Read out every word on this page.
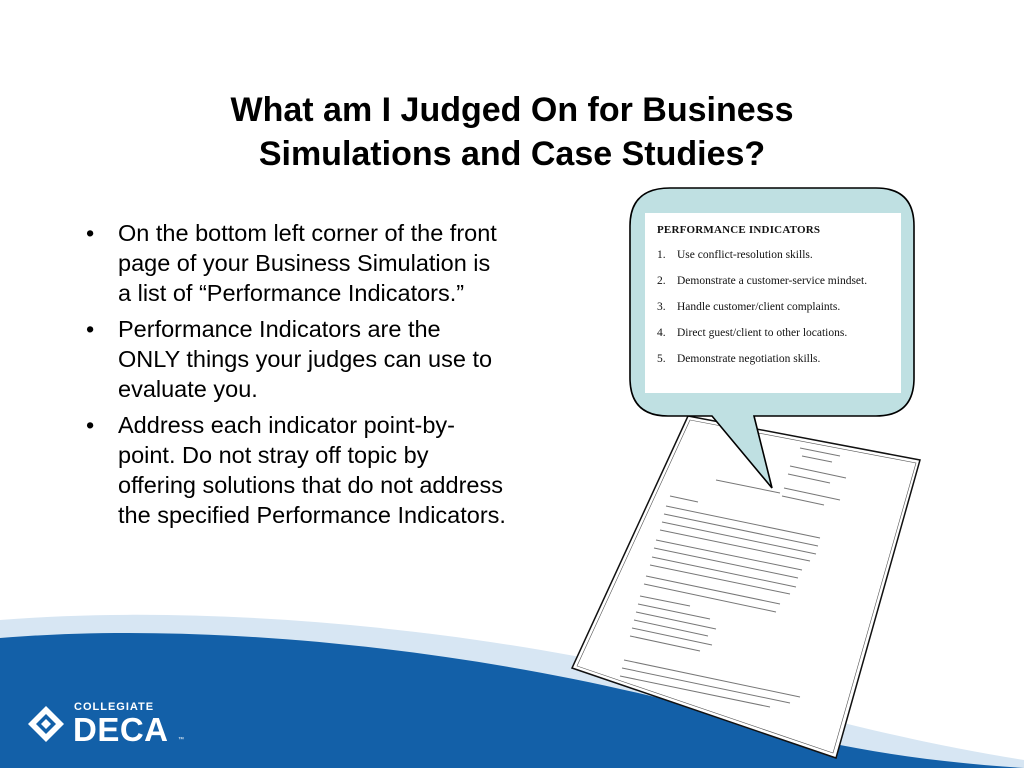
What am I Judged On for Business Simulations and Case Studies?
• On the bottom left corner of the front page of your Business Simulation is a list of “Performance Indicators.”
• Performance Indicators are the ONLY things your judges can use to evaluate you.
• Address each indicator point-by-point. Do not stray off topic by offering solutions that do not address the specified Performance Indicators.
PERFORMANCE INDICATORS
1. Use conflict-resolution skills.
2. Demonstrate a customer-service mindset.
3. Handle customer/client complaints.
4. Direct guest/client to other locations.
5. Demonstrate negotiation skills.
COLLEGIATE
DECA ™
